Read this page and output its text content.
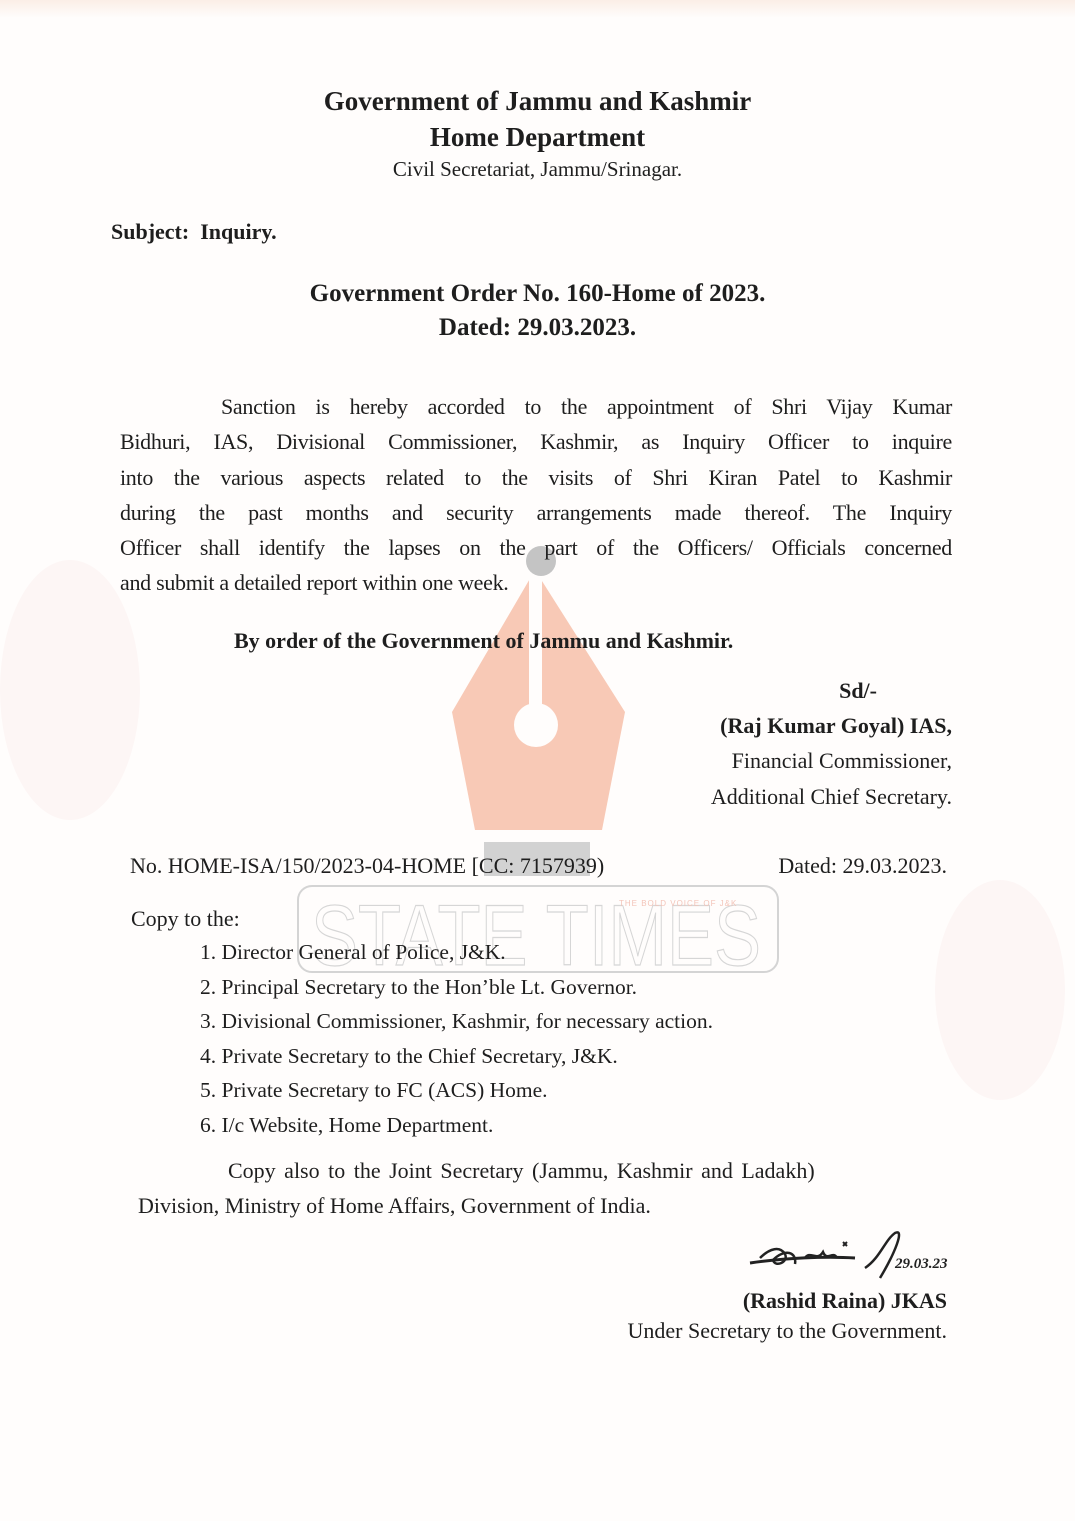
STATE TIMES
THE BOLD VOICE OF J&K
Government of Jammu and Kashmir
Home Department
Civil Secretariat, Jammu/Srinagar.
Subject: Inquiry.
Government Order No. 160-Home of 2023.
Dated: 29.03.2023.
Sanction is hereby accorded to the appointment of Shri Vijay Kumar
Bidhuri, IAS, Divisional Commissioner, Kashmir, as Inquiry Officer to inquire
into the various aspects related to the visits of Shri Kiran Patel to Kashmir
during the past months and security arrangements made thereof. The Inquiry
Officer shall identify the lapses on the part of the Officers/ Officials concerned
and submit a detailed report within one week.
By order of the Government of Jammu and Kashmir.
Sd/-
(Raj Kumar Goyal) IAS,
Financial Commissioner,
Additional Chief Secretary.
No. HOME-ISA/150/2023-04-HOME [CC: 7157939)	Dated: 29.03.2023.
Copy to the:
1. Director General of Police, J&K.
2. Principal Secretary to the Hon’ble Lt. Governor.
3. Divisional Commissioner, Kashmir, for necessary action.
4. Private Secretary to the Chief Secretary, J&K.
5. Private Secretary to FC (ACS) Home.
6. I/c Website, Home Department.
Copy also to the Joint Secretary (Jammu, Kashmir and Ladakh)
Division, Ministry of Home Affairs, Government of India.
29.03.23
(Rashid Raina) JKAS
Under Secretary to the Government.
